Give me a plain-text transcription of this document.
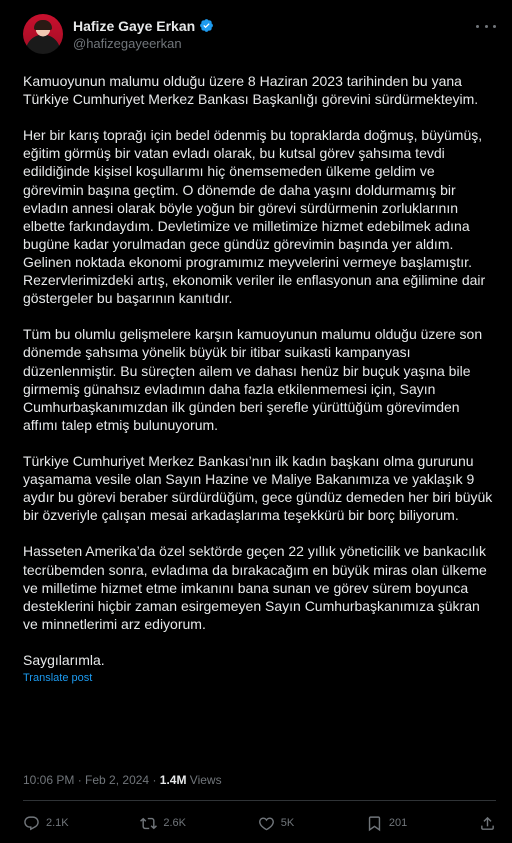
Hafize Gaye Erkan
@hafizegayeerkan

Kamuoyunun malumu olduğu üzere 8 Haziran 2023 tarihinden bu yana Türkiye Cumhuriyet Merkez Bankası Başkanlığı görevini sürdürmekteyim.

Her bir karış toprağı için bedel ödenmiş bu topraklarda doğmuş, büyümüş, eğitim görmüş bir vatan evladı olarak, bu kutsal görev şahsıma tevdi edildiğinde kişisel koşullarımı hiç önemsemeden ülkeme geldim ve görevimin başına geçtim. O dönemde de daha yaşını doldurmamış bir evladın annesi olarak böyle yoğun bir görevi sürdürmenin zorluklarının elbette farkındaydım. Devletimize ve milletimize hizmet edebilmek adına bugüne kadar yorulmadan gece gündüz görevimin başında yer aldım. Gelinen noktada ekonomi programımız meyvelerini vermeye başlamıştır. Rezervlerimizdeki artış, ekonomik veriler ile enflasyonun ana eğilimine dair göstergeler bu başarının kanıtıdır.

Tüm bu olumlu gelişmelere karşın kamuoyunun malumu olduğu üzere son dönemde şahsıma yönelik büyük bir itibar suikasti kampanyası düzenlenmiştir. Bu süreçten ailem ve dahası henüz bir buçuk yaşına bile girmemiş günahsız evladımın daha fazla etkilenmemesi için, Sayın Cumhurbaşkanımızdan ilk günden beri şerefle yürüttüğüm görevimden affımı talep etmiş bulunuyorum.

Türkiye Cumhuriyet Merkez Bankası’nın ilk kadın başkanı olma gururunu yaşamama vesile olan Sayın Hazine ve Maliye Bakanımıza ve yaklaşık 9 aydır bu görevi beraber sürdürdüğüm, gece gündüz demeden her biri büyük bir özveriyle çalışan mesai arkadaşlarıma teşekkürü bir borç biliyorum.

Hasseten Amerika’da özel sektörde geçen 22 yıllık yöneticilik ve bankacılık tecrübemden sonra, evladıma da bırakacağım en büyük miras olan ülkeme ve milletime hizmet etme imkanını bana sunan ve görev sürem boyunca desteklerini hiçbir zaman esirgemeyen Sayın Cumhurbaşkanımıza şükran ve minnetlerimi arz ediyorum.

Saygılarımla.

Translate post
10:06 PM · Feb 2, 2024 · 1.4M Views
2.1K	2.6K	5K	201
